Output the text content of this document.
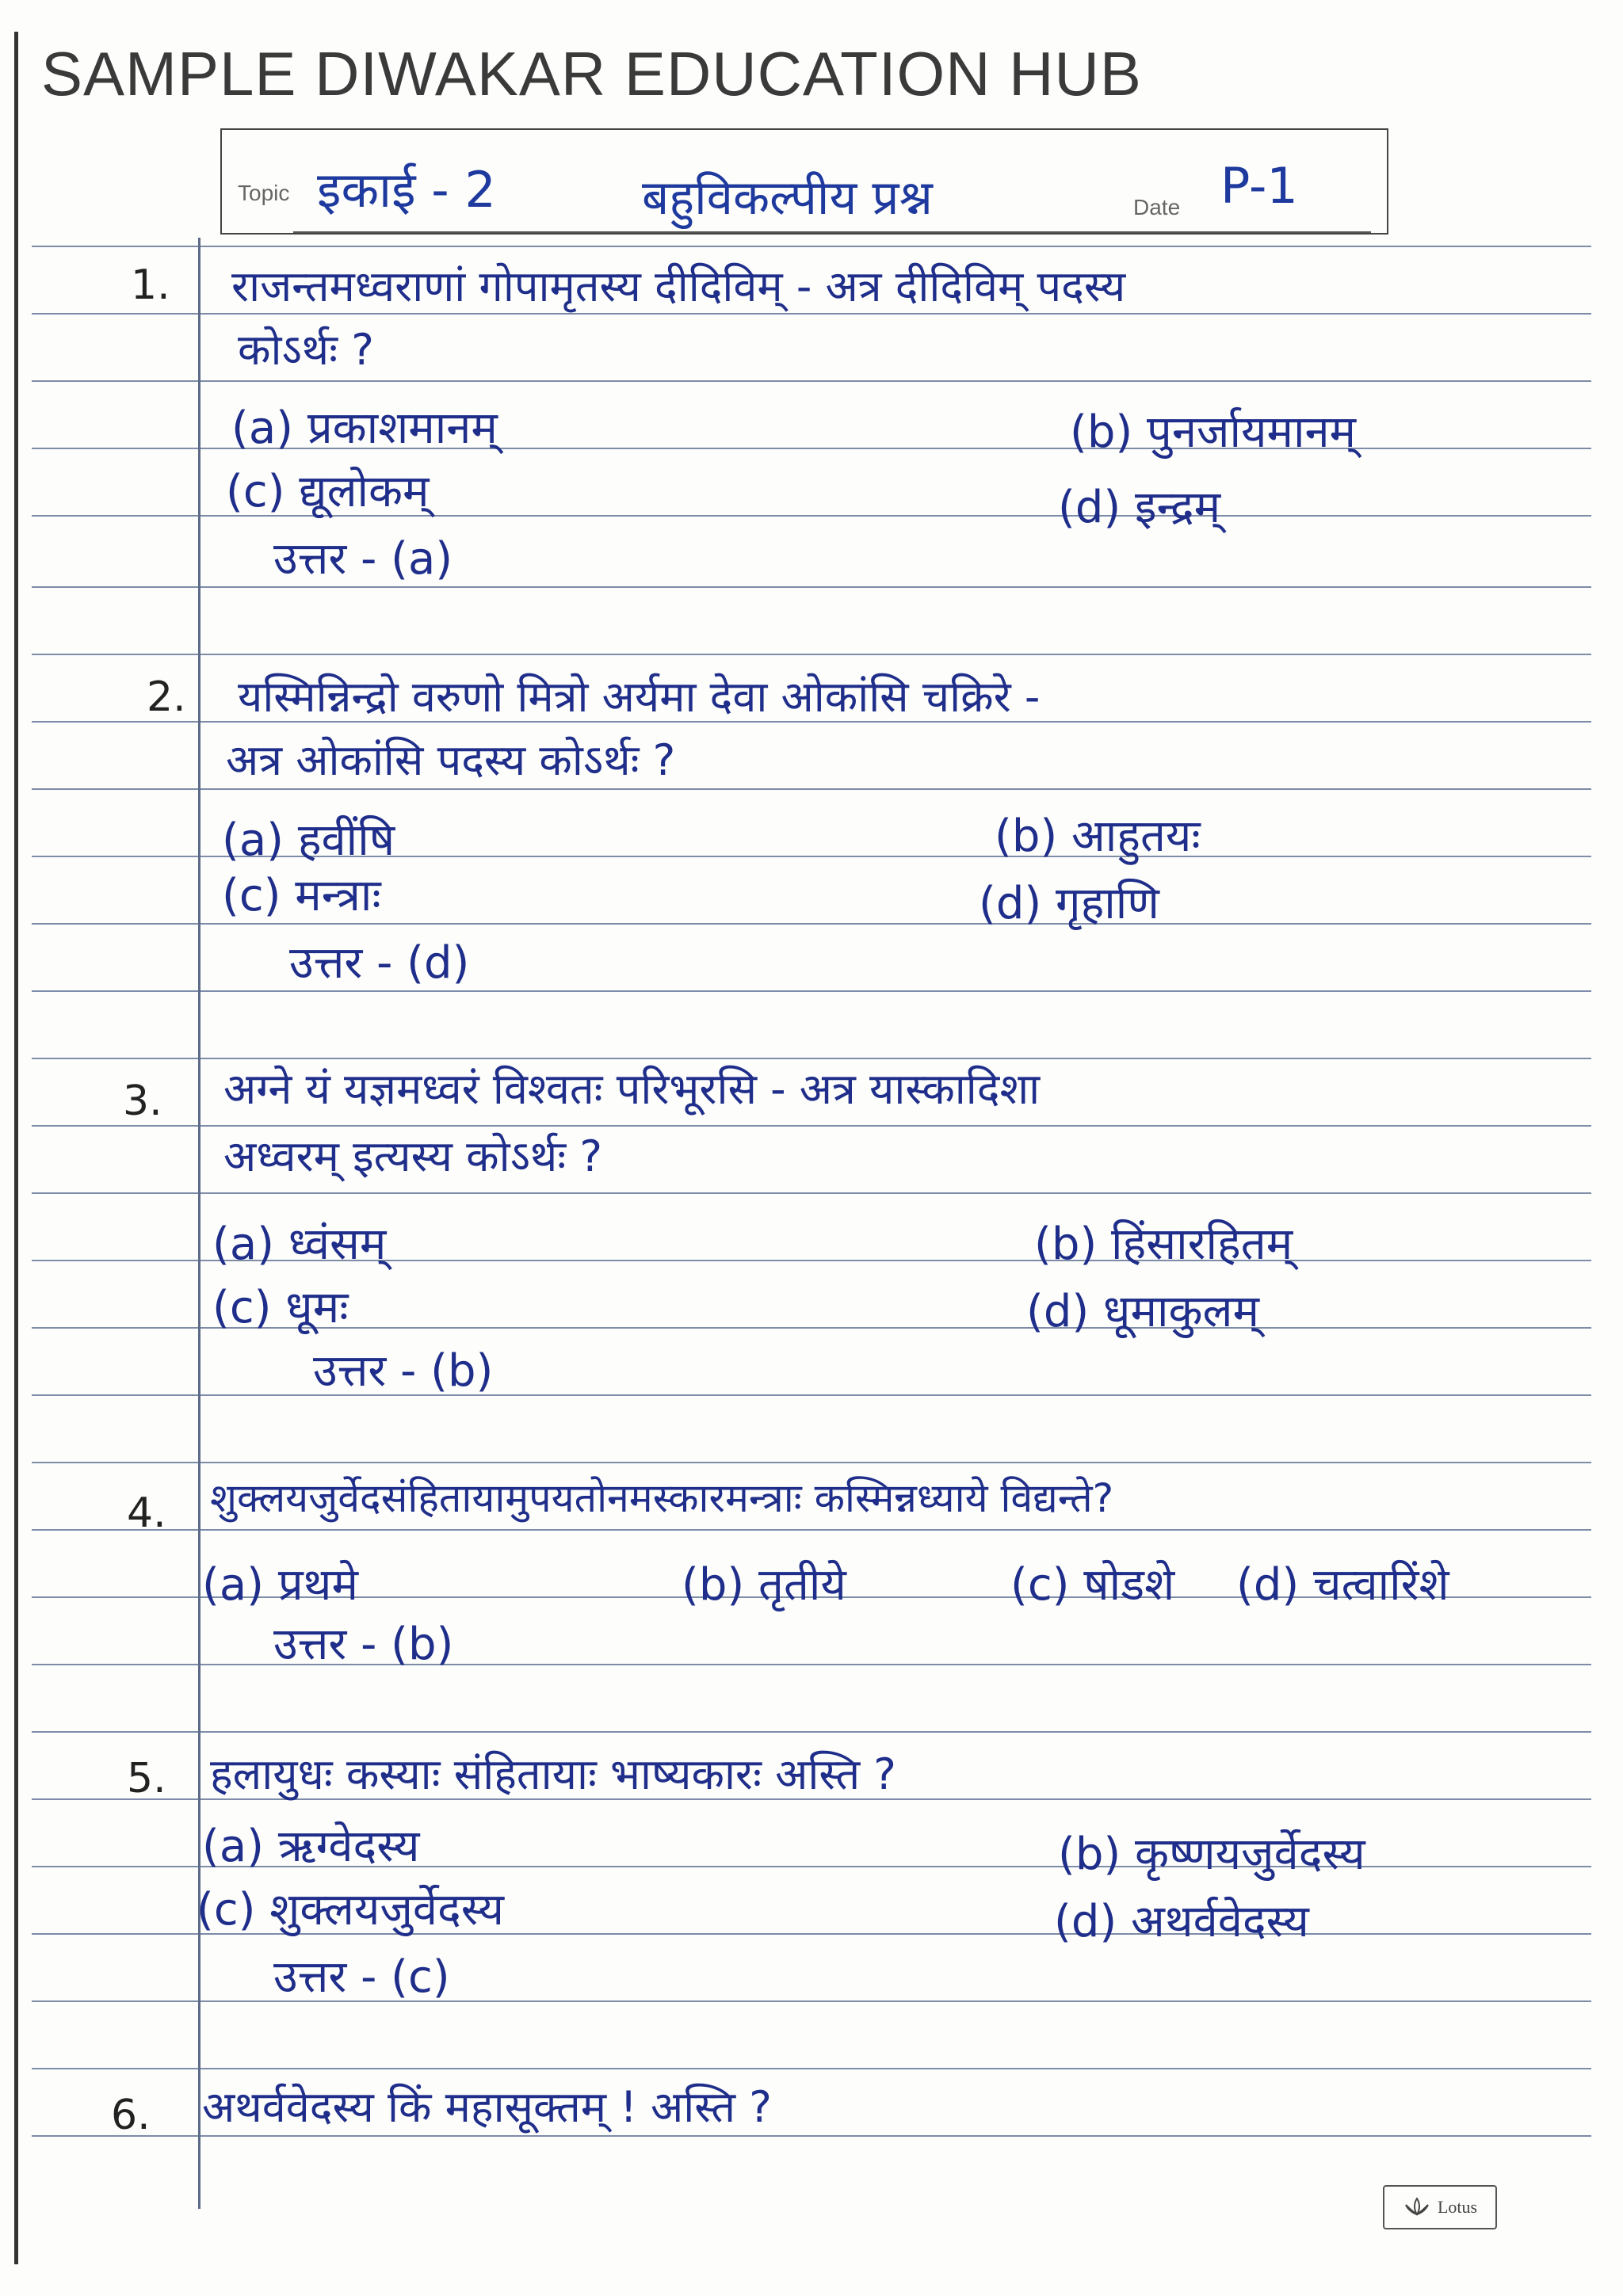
SAMPLE DIWAKAR EDUCATION HUB
Topic इकाई - 2	बहुविकल्पीय प्रश्न	Date P-1
1. राजन्तमध्वराणां गोपामृतस्य दीदिविम् - अत्र दीदिविम् पदस्य
कोऽर्थः ?
(a) प्रकाशमानम्	(b) पुनर्जायमानम्
(c) द्यूलोकम्	(d) इन्द्रम्
उत्तर - (a)
2. यस्मिन्निन्द्रो वरुणो मित्रो अर्यमा देवा ओकांसि चक्रिरे -
अत्र ओकांसि पदस्य कोऽर्थः ?
(a) हवींषि	(b) आहुतयः
(c) मन्त्राः	(d) गृहाणि
उत्तर - (d)
3. अग्ने यं यज्ञमध्वरं विश्वतः परिभूरसि - अत्र यास्कादिशा
अध्वरम् इत्यस्य कोऽर्थः ?
(a) ध्वंसम्	(b) हिंसारहितम्
(c) धूमः	(d) धूमाकुलम्
उत्तर - (b)
4. शुक्लयजुर्वेदसंहितायामुपयतोनमस्कारमन्त्राः कस्मिन्नध्याये विद्यन्ते?
(a) प्रथमे	(b) तृतीये	(c) षोडशे (d) चत्वारिंशे
उत्तर - (b)
5. हलायुधः कस्याः संहितायाः भाष्यकारः अस्ति ?
(a) ऋग्वेदस्य	(b) कृष्णयजुर्वेदस्य
(c) शुक्लयजुर्वेदस्य	(d) अथर्ववेदस्य
उत्तर - (c)
6. अथर्ववेदस्य किं महासूक्तम् ! अस्ति ?
Lotus
